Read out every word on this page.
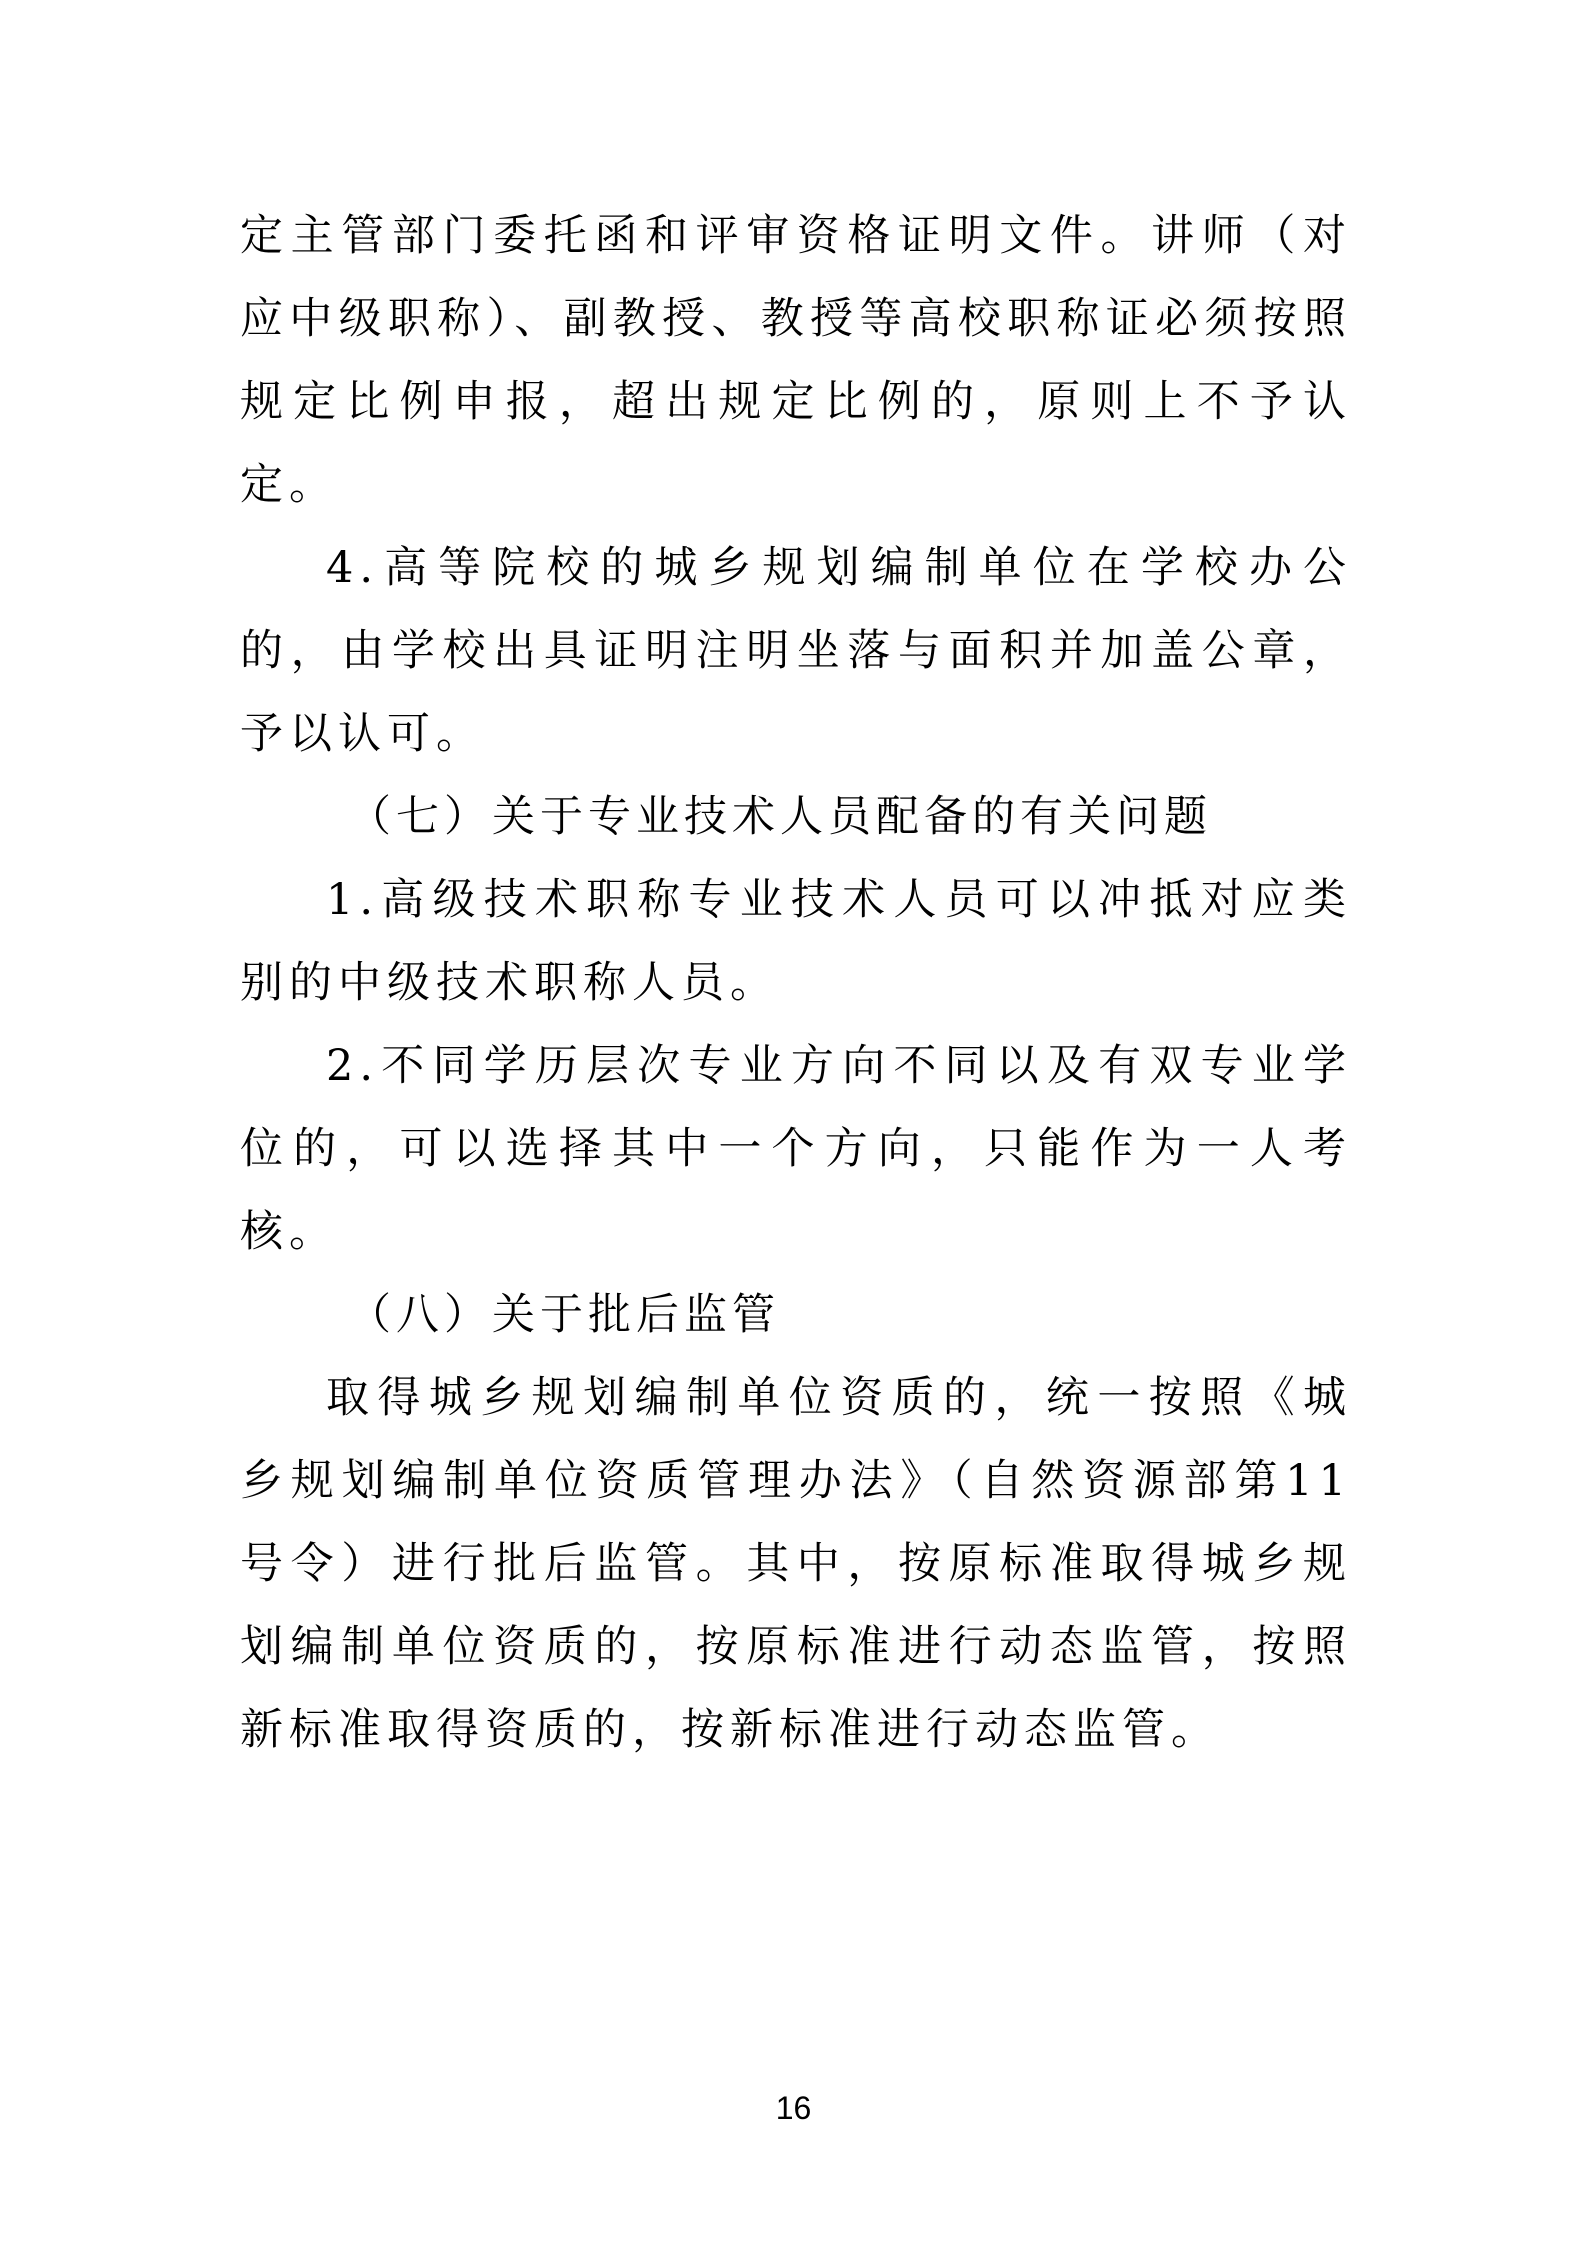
定主管部门委托函和评审资格证明文件。讲师（对应中级职称）、副教授、教授等高校职称证必须按照规定比例申报，超出规定比例的，原则上不予认定。

4.高等院校的城乡规划编制单位在学校办公的，由学校出具证明注明坐落与面积并加盖公章，予以认可。

（七）关于专业技术人员配备的有关问题

1.高级技术职称专业技术人员可以冲抵对应类别的中级技术职称人员。

2.不同学历层次专业方向不同以及有双专业学位的，可以选择其中一个方向，只能作为一人考核。

（八）关于批后监管

取得城乡规划编制单位资质的，统一按照《城乡规划编制单位资质管理办法》（自然资源部第11号令）进行批后监管。其中，按原标准取得城乡规划编制单位资质的，按原标准进行动态监管，按照新标准取得资质的，按新标准进行动态监管。

16
